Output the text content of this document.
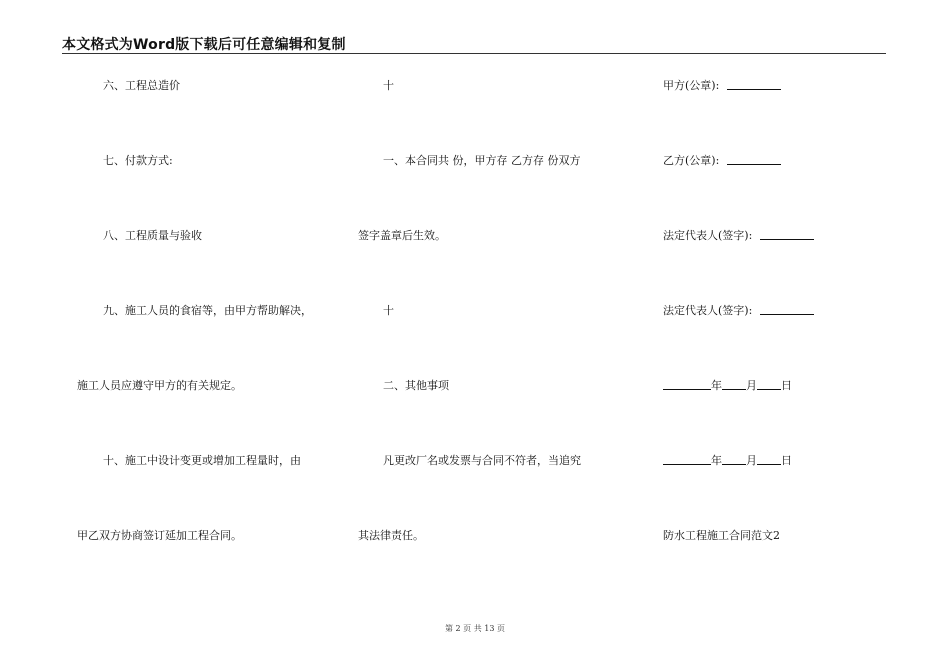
本文格式为Word版下载后可任意编辑和复制
六、工程总造价
七、付款方式:
八、工程质量与验收
九、施工人员的食宿等，由甲方帮助解决，
施工人员应遵守甲方的有关规定。
十、施工中设计变更或增加工程量时，由
甲乙双方协商签订延加工程合同。
十
一、本合同共 份，甲方存 乙方存 份双方
签字盖章后生效。
十
二、其他事项
凡更改厂名或发票与合同不符者，当追究
其法律责任。
甲方(公章):
乙方(公章):
法定代表人(签字):
法定代表人(签字):
年 月 日
年 月 日
防水工程施工合同范文2
第 2 页 共 13 页
